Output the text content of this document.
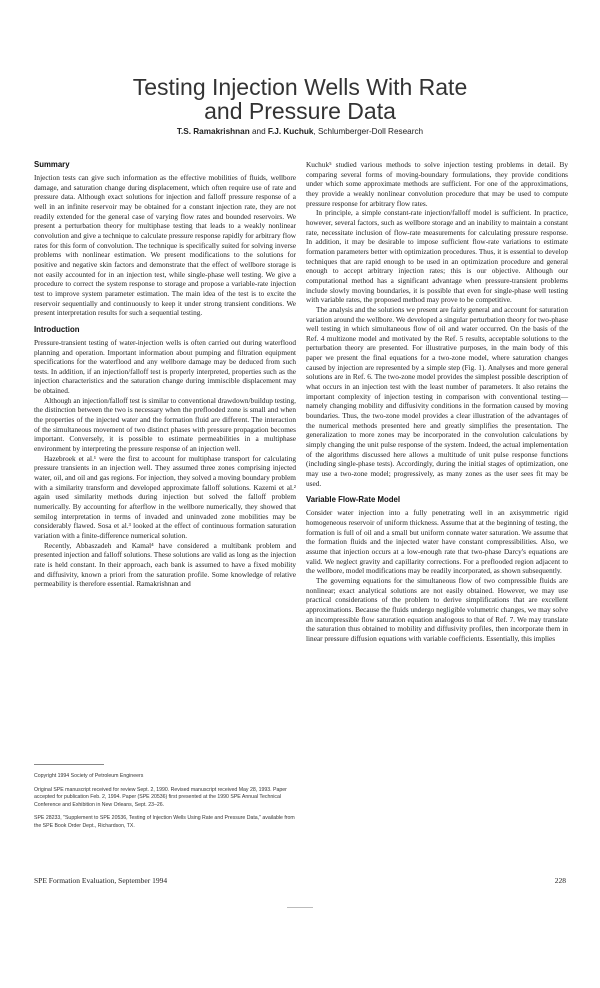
Testing Injection Wells With Rate
and Pressure Data
T.S. Ramakrishnan and F.J. Kuchuk, Schlumberger-Doll Research
Summary

Injection tests can give such information as the effective mobilities of fluids, wellbore damage, and saturation change during displacement, which often require use of rate and pressure data. Although exact solutions for injection and falloff pressure response of a well in an infinite reservoir may be obtained for a constant injection rate, they are not readily extended for the general case of varying flow rates and bounded reservoirs. We present a perturbation theory for multiphase testing that leads to a weakly nonlinear convolution and give a technique to calculate pressure response rapidly for arbitrary flow rates for this form of convolution. The technique is specifically suited for solving inverse problems with nonlinear estimation. We present modifications to the solutions for positive and negative skin factors and demonstrate that the effect of wellbore storage is not easily accounted for in an injection test, while single-phase well testing. We give a procedure to correct the system response to storage and propose a variable-rate injection test to improve system parameter estimation. The main idea of the test is to excite the reservoir sequentially and continuously to keep it under strong transient conditions. We present interpretation results for such a sequential testing.

Introduction

Pressure-transient testing of water-injection wells is often carried out during waterflood planning and operation. Important information about pumping and filtration equipment specifications for the waterflood and any wellbore damage may be deduced from such tests. In addition, if an injection/falloff test is properly interpreted, properties such as the injection characteristics and the saturation change during immiscible displacement may be obtained.

Although an injection/falloff test is similar to conventional drawdown/buildup testing, the distinction between the two is necessary when the preflooded zone is small and when the properties of the injected water and the formation fluid are different. The interaction of the simultaneous movement of two distinct phases with pressure propagation becomes important. Conversely, it is possible to estimate permeabilities in a multiphase environment by interpreting the pressure response of an injection well.

Hazebroek et al.¹ were the first to account for multiphase transport for calculating pressure transients in an injection well. They assumed three zones comprising injected water, oil, and oil and gas regions. For injection, they solved a moving boundary problem with a similarity transform and developed approximate falloff solutions. Kazemi et al.² again used similarity methods during injection but solved the falloff problem numerically. By accounting for afterflow in the wellbore numerically, they showed that semilog interpretation in terms of invaded and uninvaded zone mobilities may be considerably flawed. Sosa et al.³ looked at the effect of continuous formation saturation variation with a finite-difference numerical solution.

Recently, Abbaszadeh and Kamal⁴ have considered a multibank problem and presented injection and falloff solutions. These solutions are valid as long as the injection rate is held constant. In their approach, each bank is assumed to have a fixed mobility and diffusivity, known a priori from the saturation profile. Some knowledge of relative permeability is therefore essential. Ramakrishnan and

Kuchuk⁵ studied various methods to solve injection testing problems in detail. By comparing several forms of moving-boundary formulations, they provide conditions under which some approximate methods are sufficient. For one of the approximations, they provide a weakly nonlinear convolution procedure that may be used to compute pressure response for arbitrary flow rates.

In principle, a simple constant-rate injection/falloff model is sufficient. In practice, however, several factors, such as wellbore storage and an inability to maintain a constant rate, necessitate inclusion of flow-rate measurements for calculating pressure response. In addition, it may be desirable to impose sufficient flow-rate variations to estimate formation parameters better with optimization procedures. Thus, it is essential to develop techniques that are rapid enough to be used in an optimization procedure and general enough to accept arbitrary injection rates; this is our objective. Although our computational method has a significant advantage when pressure-transient problems include slowly moving boundaries, it is possible that even for single-phase well testing with variable rates, the proposed method may prove to be competitive.

The analysis and the solutions we present are fairly general and account for saturation variation around the wellbore. We developed a singular perturbation theory for two-phase well testing in which simultaneous flow of oil and water occurred. On the basis of the Ref. 4 multizone model and motivated by the Ref. 5 results, acceptable solutions to the perturbation theory are presented. For illustrative purposes, in the main body of this paper we present the final equations for a two-zone model, where saturation changes caused by injection are represented by a simple step (Fig. 1). Analyses and more general solutions are in Ref. 6. The two-zone model provides the simplest possible description of what occurs in an injection test with the least number of parameters. It also retains the important complexity of injection testing in comparison with conventional testing—namely changing mobility and diffusivity conditions in the formation caused by moving boundaries. Thus, the two-zone model provides a clear illustration of the advantages of the numerical methods presented here and greatly simplifies the presentation. The generalization to more zones may be incorporated in the convolution calculations by simply changing the unit pulse response of the system. Indeed, the actual implementation of the algorithms discussed here allows a multitude of unit pulse response functions (including single-phase tests). Accordingly, during the initial stages of optimization, one may use a two-zone model; progressively, as many zones as the user sees fit may be used.

Variable Flow-Rate Model

Consider water injection into a fully penetrating well in an axisymmetric rigid homogeneous reservoir of uniform thickness. Assume that at the beginning of testing, the formation is full of oil and a small but uniform connate water saturation. We assume that the formation fluids and the injected water have constant compressibilities. Also, we assume that injection occurs at a low-enough rate that two-phase Darcy's equations are valid. We neglect gravity and capillarity corrections. For a preflooded region adjacent to the wellbore, model modifications may be readily incorporated, as shown subsequently.

The governing equations for the simultaneous flow of two compressible fluids are nonlinear; exact analytical solutions are not easily obtained. However, we may use practical considerations of the problem to derive simplifications that are excellent approximations. Because the fluids undergo negligible volumetric changes, we may solve an incompressible flow saturation equation analogous to that of Ref. 7. We may translate the saturation thus obtained to mobility and diffusivity profiles, then incorporate them in linear pressure diffusion equations with variable coefficients. Essentially, this implies

Copyright 1994 Society of Petroleum Engineers

Original SPE manuscript received for review Sept. 2, 1990. Revised manuscript received May 28, 1993. Paper accepted for publication Feb. 2, 1994. Paper (SPE 20536) first presented at the 1990 SPE Annual Technical Conference and Exhibition in New Orleans, Sept. 23–26.

SPE 28233, "Supplement to SPE 20536, Testing of Injection Wells Using Rate and Pressure Data," available from the SPE Book Order Dept., Richardson, TX.

SPE Formation Evaluation, September 1994	228
